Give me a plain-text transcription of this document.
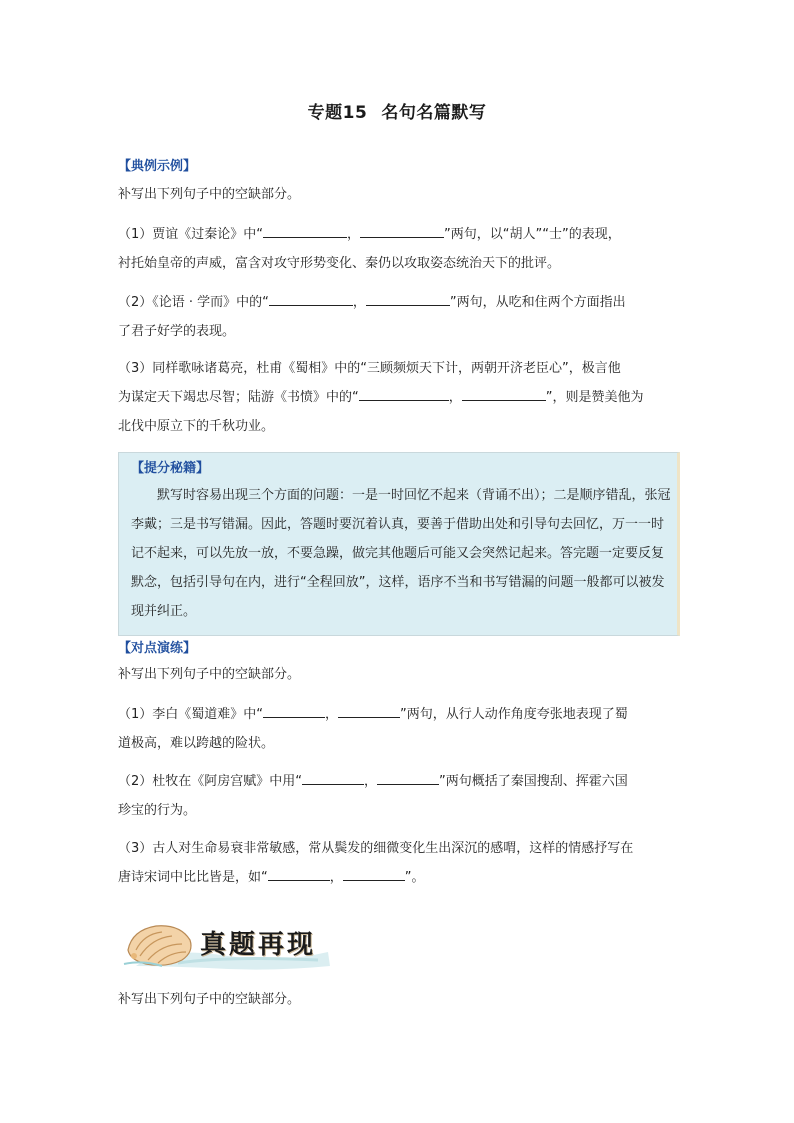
专题15 名句名篇默写
【典例示例】
补写出下列句子中的空缺部分。
（1）贾谊《过秦论》中“	，	”两句，以“胡人”“士”的表现，
衬托始皇帝的声威，富含对攻守形势变化、秦仍以攻取姿态统治天下的批评。
（2）《论语 · 学而》中的“	，	”两句，从吃和住两个方面指出
了君子好学的表现。
（3）同样歌咏诸葛亮，杜甫《蜀相》中的“三顾频烦天下计，两朝开济老臣心”，极言他
为谋定天下竭忠尽智；陆游《书愤》中的“	，	”，则是赞美他为
北伐中原立下的千秋功业。
【提分秘籍】
默写时容易出现三个方面的问题：一是一时回忆不起来（背诵不出）；二是顺序错乱，张冠李戴；三是书写错漏。因此，答题时要沉着认真，要善于借助出处和引导句去回忆，万一一时记不起来，可以先放一放，不要急躁，做完其他题后可能又会突然记起来。答完题一定要反复默念，包括引导句在内，进行“全程回放”，这样，语序不当和书写错漏的问题一般都可以被发现并纠正。
【对点演练】
补写出下列句子中的空缺部分。
（1）李白《蜀道难》中“	，	”两句，从行人动作角度夸张地表现了蜀
道极高，难以跨越的险状。
（2）杜牧在《阿房宫赋》中用“	，	”两句概括了秦国搜刮、挥霍六国
珍宝的行为。
（3）古人对生命易衰非常敏感，常从鬓发的细微变化生出深沉的感喟，这样的情感抒写在
唐诗宋词中比比皆是，如“	，	”。
真题再现
补写出下列句子中的空缺部分。
